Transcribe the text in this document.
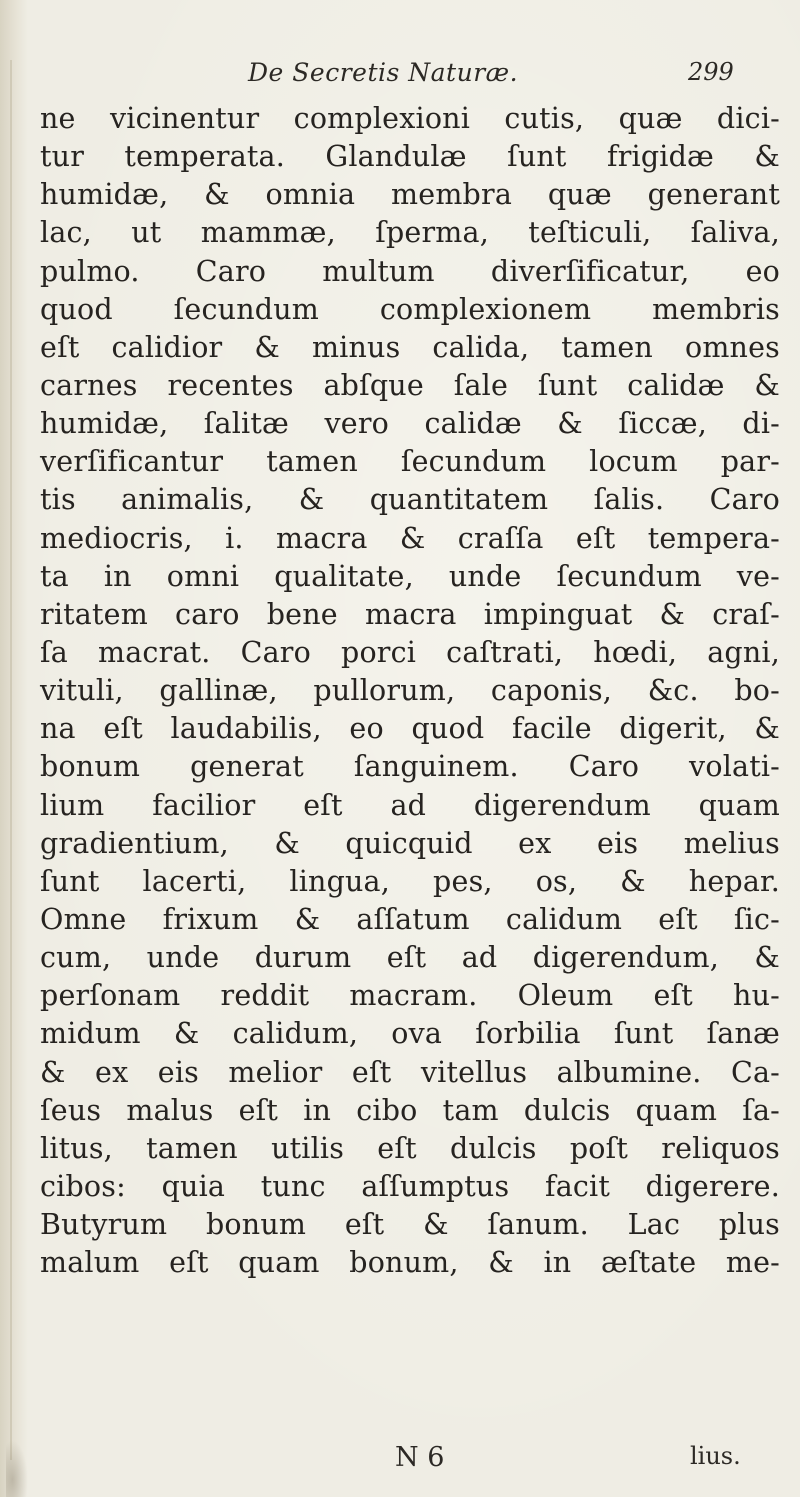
De Secretis Naturæ.	299
ne vicinentur complexioni cutis, quæ dici-
tur temperata. Glandulæ ſunt frigidæ &
humidæ, & omnia membra quæ generant
lac, ut mammæ, ſperma, teſticuli, ſaliva,
pulmo. Caro multum diverſificatur, eo
quod ſecundum complexionem membris
eſt calidior & minus calida, tamen omnes
carnes recentes abſque ſale ſunt calidæ &
humidæ, ſalitæ vero calidæ & ſiccæ, di-
verſificantur tamen ſecundum locum par-
tis animalis, & quantitatem ſalis. Caro
mediocris, i. macra & craſſa eſt tempera-
ta in omni qualitate, unde ſecundum ve-
ritatem caro bene macra impinguat & craſ-
ſa macrat. Caro porci caſtrati, hœdi, agni,
vituli, gallinæ, pullorum, caponis, &c. bo-
na eſt laudabilis, eo quod facile digerit, &
bonum generat ſanguinem. Caro volati-
lium facilior eſt ad digerendum quam
gradientium, & quicquid ex eis melius
ſunt lacerti, lingua, pes, os, & hepar.
Omne frixum & aſſatum calidum eſt ſic-
cum, unde durum eſt ad digerendum, &
perſonam reddit macram. Oleum eſt hu-
midum & calidum, ova ſorbilia ſunt ſanæ
& ex eis melior eſt vitellus albumine. Ca-
ſeus malus eſt in cibo tam dulcis quam ſa-
litus, tamen utilis eſt dulcis poſt reliquos
cibos: quia tunc aſſumptus facit digerere.
Butyrum bonum eſt & ſanum. Lac plus
malum eſt quam bonum, & in æſtate me-
N 6	lius.
